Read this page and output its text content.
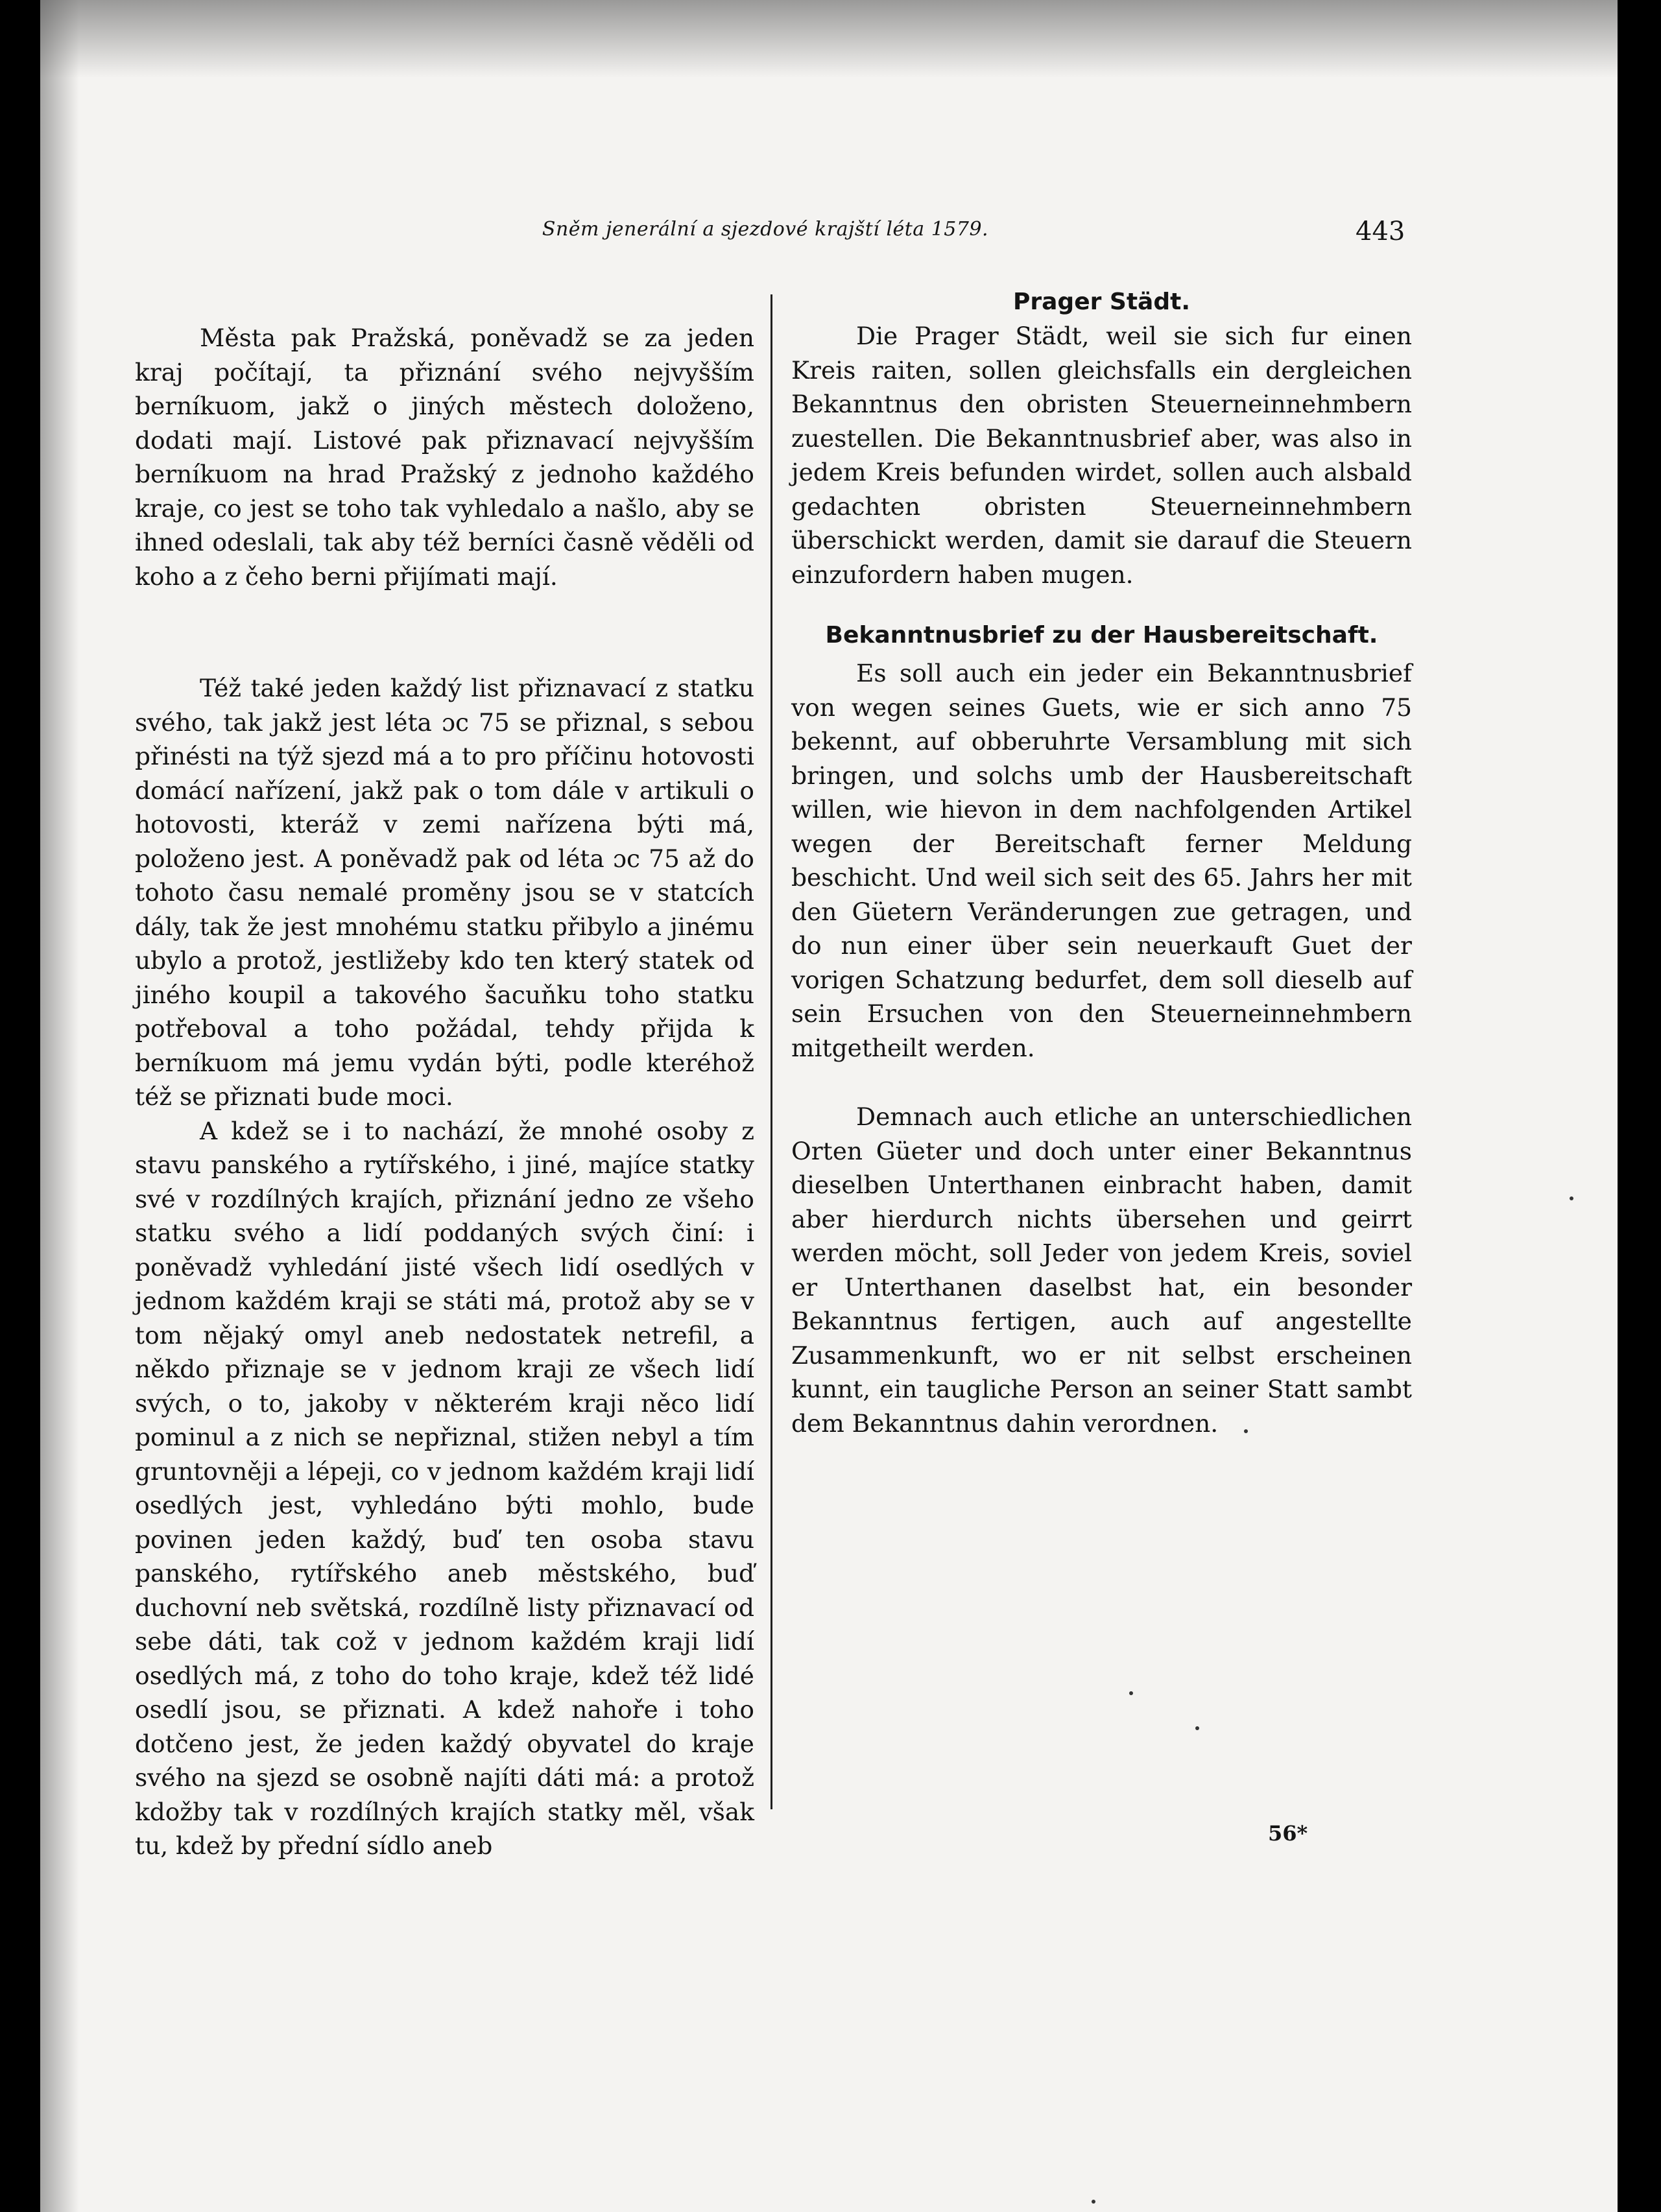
Sněm jenerální a sjezdové krajští léta 1579.	443

Města pak Pražská, poněvadž se za jeden kraj počítají, ta přiznání svého nejvyšším berníkuom, jakž o jiných městech doloženo, dodati mají. Listové pak přiznavací nejvyšším berníkuom na hrad Pražský z jednoho každého kraje, co jest se toho tak vyhledalo a našlo, aby se ihned odeslali, tak aby též berníci časně věděli od koho a z čeho berni přijímati mají.

Též také jeden každý list přiznavací z statku svého, tak jakž jest léta ɔc 75 se přiznal, s sebou přinésti na týž sjezd má a to pro příčinu hotovosti domácí nařízení, jakž pak o tom dále v artikuli o hotovosti, kteráž v zemi nařízena býti má, položeno jest. A poněvadž pak od léta ɔc 75 až do tohoto času nemalé proměny jsou se v statcích dály, tak že jest mnohému statku přibylo a jinému ubylo a protož, jestližeby kdo ten který statek od jiného koupil a takového šacuňku toho statku potřeboval a toho požádal, tehdy přijda k berníkuom má jemu vydán býti, podle kteréhož též se přiznati bude moci.

A kdež se i to nachází, že mnohé osoby z stavu panského a rytířského, i jiné, majíce statky své v rozdílných krajích, přiznání jedno ze všeho statku svého a lidí poddaných svých činí: i poněvadž vyhledání jisté všech lidí osedlých v jednom každém kraji se státi má, protož aby se v tom nějaký omyl aneb nedostatek netrefil, a někdo přiznaje se v jednom kraji ze všech lidí svých, o to, jakoby v některém kraji něco lidí pominul a z nich se nepřiznal, stižen nebyl a tím gruntovněji a lépeji, co v jednom každém kraji lidí osedlých jest, vyhledáno býti mohlo, bude povinen jeden každý, buď ten osoba stavu panského, rytířského aneb městského, buď duchovní neb světská, rozdílně listy přiznavací od sebe dáti, tak což v jednom každém kraji lidí osedlých má, z toho do toho kraje, kdež též lidé osedlí jsou, se přiznati. A kdež nahoře i toho dotčeno jest, že jeden každý obyvatel do kraje svého na sjezd se osobně najíti dáti má: a protož kdožby tak v rozdílných krajích statky měl, však tu, kdež by přední sídlo aneb

Prager Städt.

Die Prager Städt, weil sie sich fur einen Kreis raiten, sollen gleichsfalls ein dergleichen Bekanntnus den obristen Steuerneinnehmbern zuestellen. Die Bekanntnusbrief aber, was also in jedem Kreis befunden wirdet, sollen auch alsbald gedachten obristen Steuerneinnehmbern überschickt werden, damit sie darauf die Steuern einzufordern haben mugen.

Bekanntnusbrief zu der Hausbereitschaft.

Es soll auch ein jeder ein Bekanntnusbrief von wegen seines Guets, wie er sich anno 75 bekennt, auf obberuhrte Versamblung mit sich bringen, und solchs umb der Hausbereitschaft willen, wie hievon in dem nachfolgenden Artikel wegen der Bereitschaft ferner Meldung beschicht. Und weil sich seit des 65. Jahrs her mit den Güetern Veränderungen zue getragen, und do nun einer über sein neuerkauft Guet der vorigen Schatzung bedurfet, dem soll dieselb auf sein Ersuchen von den Steuerneinnehmbern mitgetheilt werden.

Demnach auch etliche an unterschiedlichen Orten Güeter und doch unter einer Bekanntnus dieselben Unterthanen einbracht haben, damit aber hierdurch nichts übersehen und geirrt werden möcht, soll Jeder von jedem Kreis, soviel er Unterthanen daselbst hat, ein besonder Bekanntnus fertigen, auch auf angestellte Zusammenkunft, wo er nit selbst erscheinen kunnt, ein taugliche Person an seiner Statt sambt dem Bekanntnus dahin verordnen.

56*
